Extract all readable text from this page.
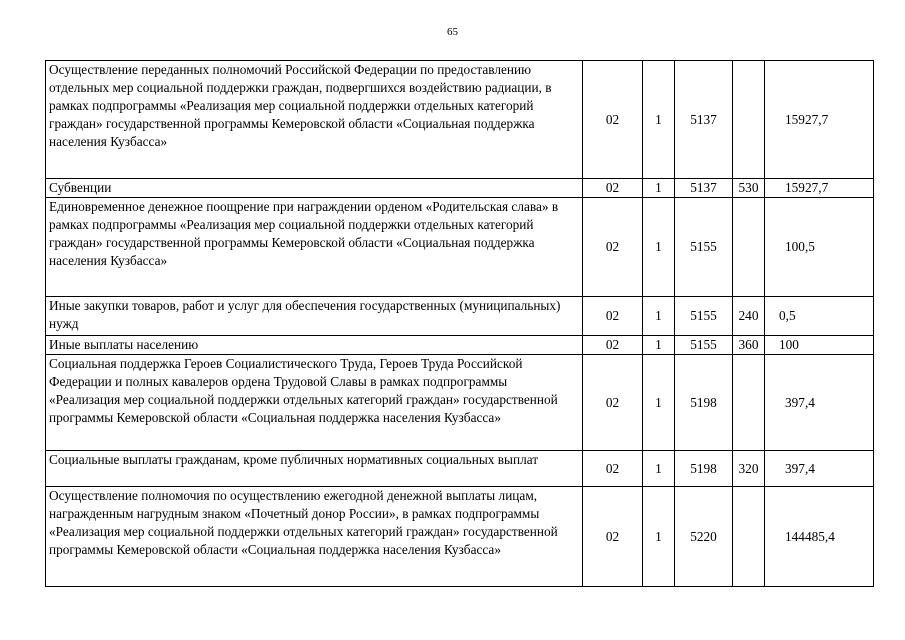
65
Осуществление переданных полномочий Российской Федерации по предоставлению отдельных мер социальной поддержки граждан, подвергшихся воздействию радиации, в рамках подпрограммы «Реализация мер социальной поддержки отдельных категорий граждан» государственной программы Кемеровской области «Социальная поддержка населения Кузбасса»	02	1	5137		15927,7
Субвенции	02	1	5137	530	15927,7
Единовременное денежное поощрение при награждении орденом «Родительская слава» в рамках подпрограммы «Реализация мер социальной поддержки отдельных категорий граждан» государственной программы Кемеровской области «Социальная поддержка населения Кузбасса»	02	1	5155		100,5
Иные закупки товаров, работ и услуг для обеспечения государственных (муниципальных) нужд	02	1	5155	240	0,5
Иные выплаты населению	02	1	5155	360	100
Социальная поддержка Героев Социалистического Труда, Героев Труда Российской Федерации и полных кавалеров ордена Трудовой Славы в рамках подпрограммы «Реализация мер социальной поддержки отдельных категорий граждан» государственной программы Кемеровской области «Социальная поддержка населения Кузбасса»	02	1	5198		397,4
Социальные выплаты гражданам, кроме публичных нормативных социальных выплат	02	1	5198	320	397,4
Осуществление полномочия по осуществлению ежегодной денежной выплаты лицам, награжденным нагрудным знаком «Почетный донор России», в рамках подпрограммы «Реализация мер социальной поддержки отдельных категорий граждан» государственной программы Кемеровской области «Социальная поддержка населения Кузбасса»	02	1	5220		144485,4
